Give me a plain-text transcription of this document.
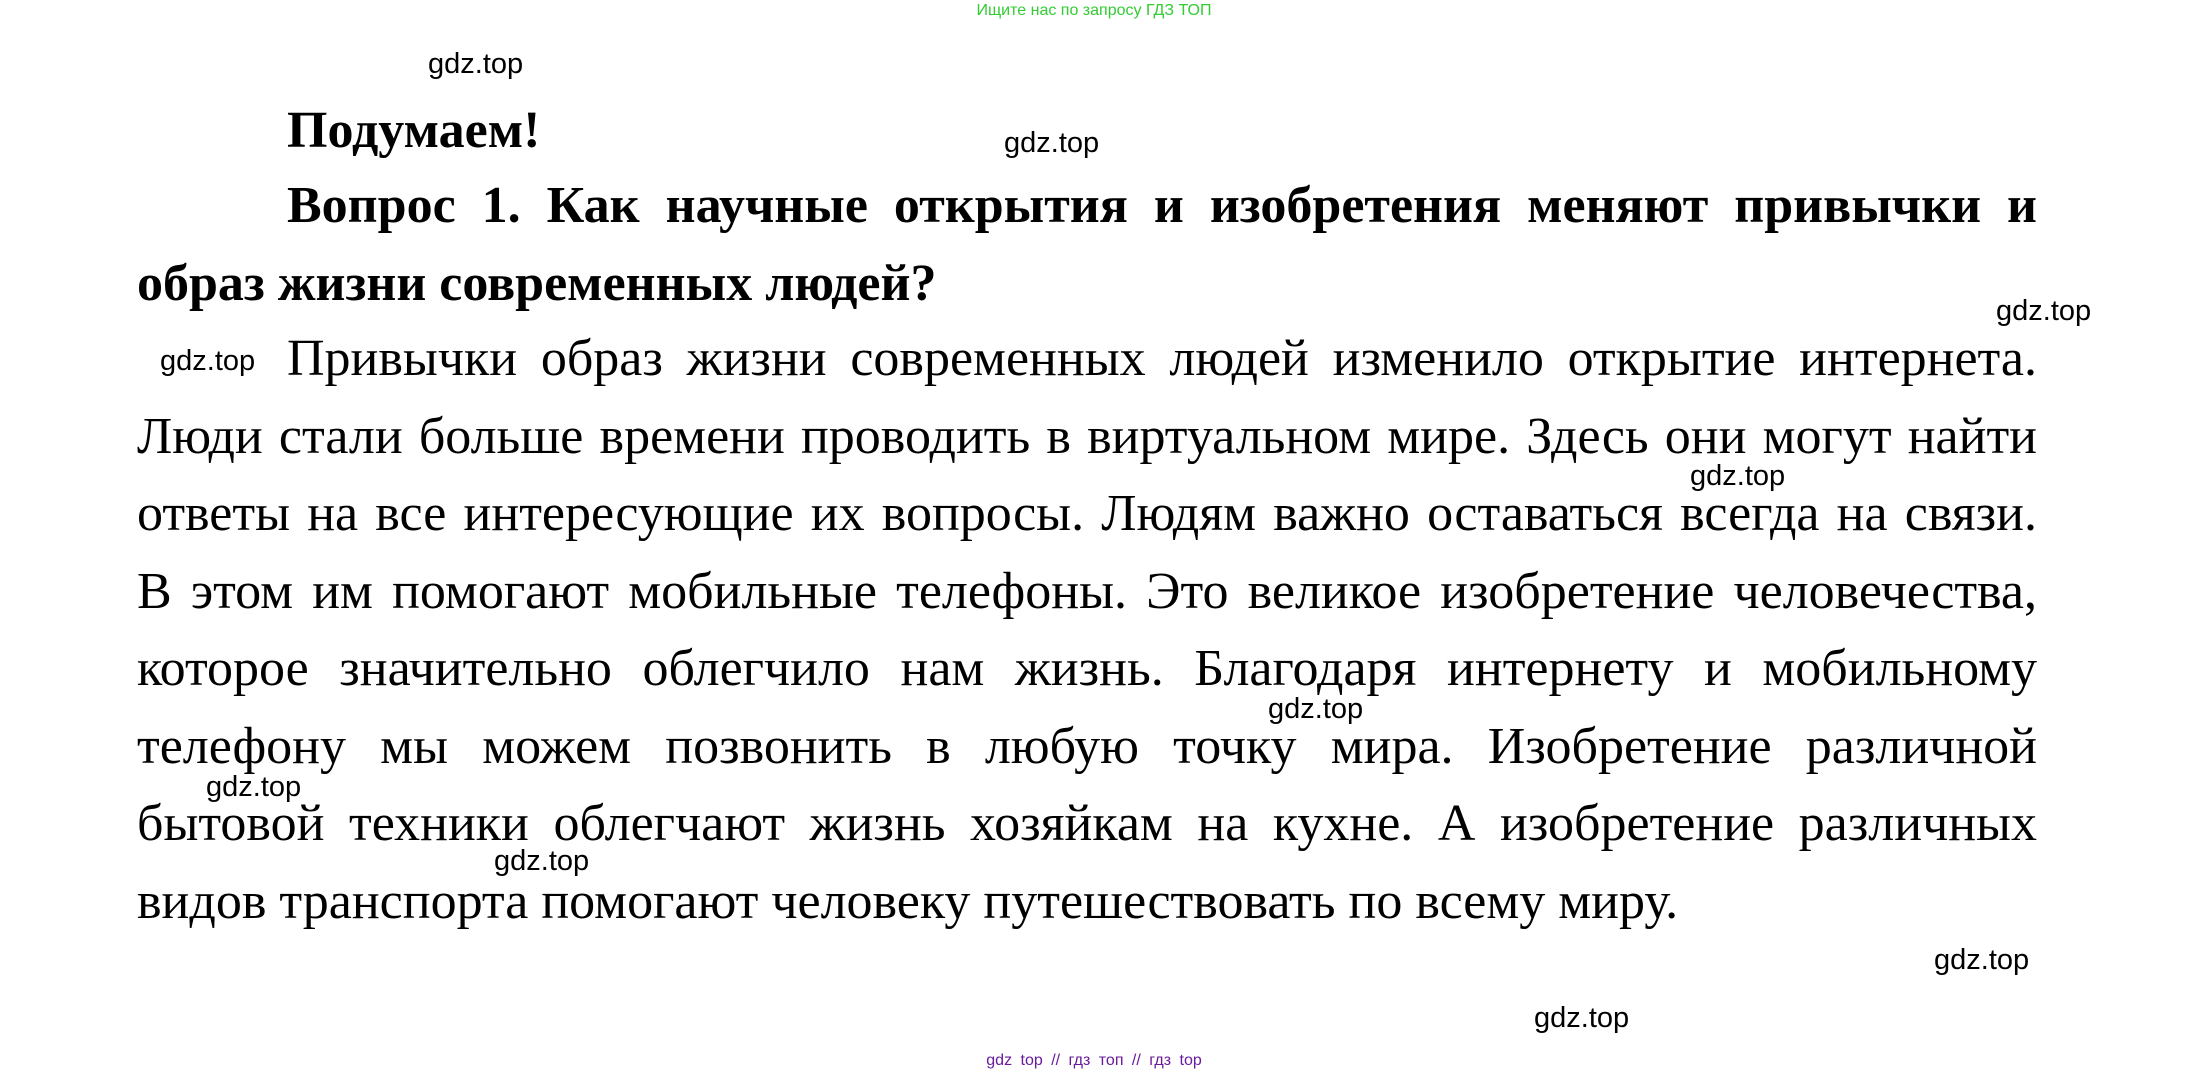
Ищите нас по запросу ГДЗ ТОП
Подумаем!
Вопрос 1. Как научные открытия и изобретения меняют привычки и образ жизни современных людей?
Привычки образ жизни современных людей изменило открытие интернета. Люди стали больше времени проводить в виртуальном мире. Здесь они могут найти ответы на все интересующие их вопросы. Людям важно оставаться всегда на связи. В этом им помогают мобильные телефоны. Это великое изобретение человечества, которое значительно облегчило нам жизнь. Благодаря интернету и мобильному телефону мы можем позвонить в любую точку мира. Изобретение различной бытовой техники облегчают жизнь хозяйкам на кухне. А изобретение различных видов транспорта помогают человеку путешествовать по всему миру.
gdz.top
gdz.top
gdz.top
gdz.top
gdz.top
gdz.top
gdz.top
gdz.top
gdz.top
gdz.top
gdz top // гдз топ // гдз top
